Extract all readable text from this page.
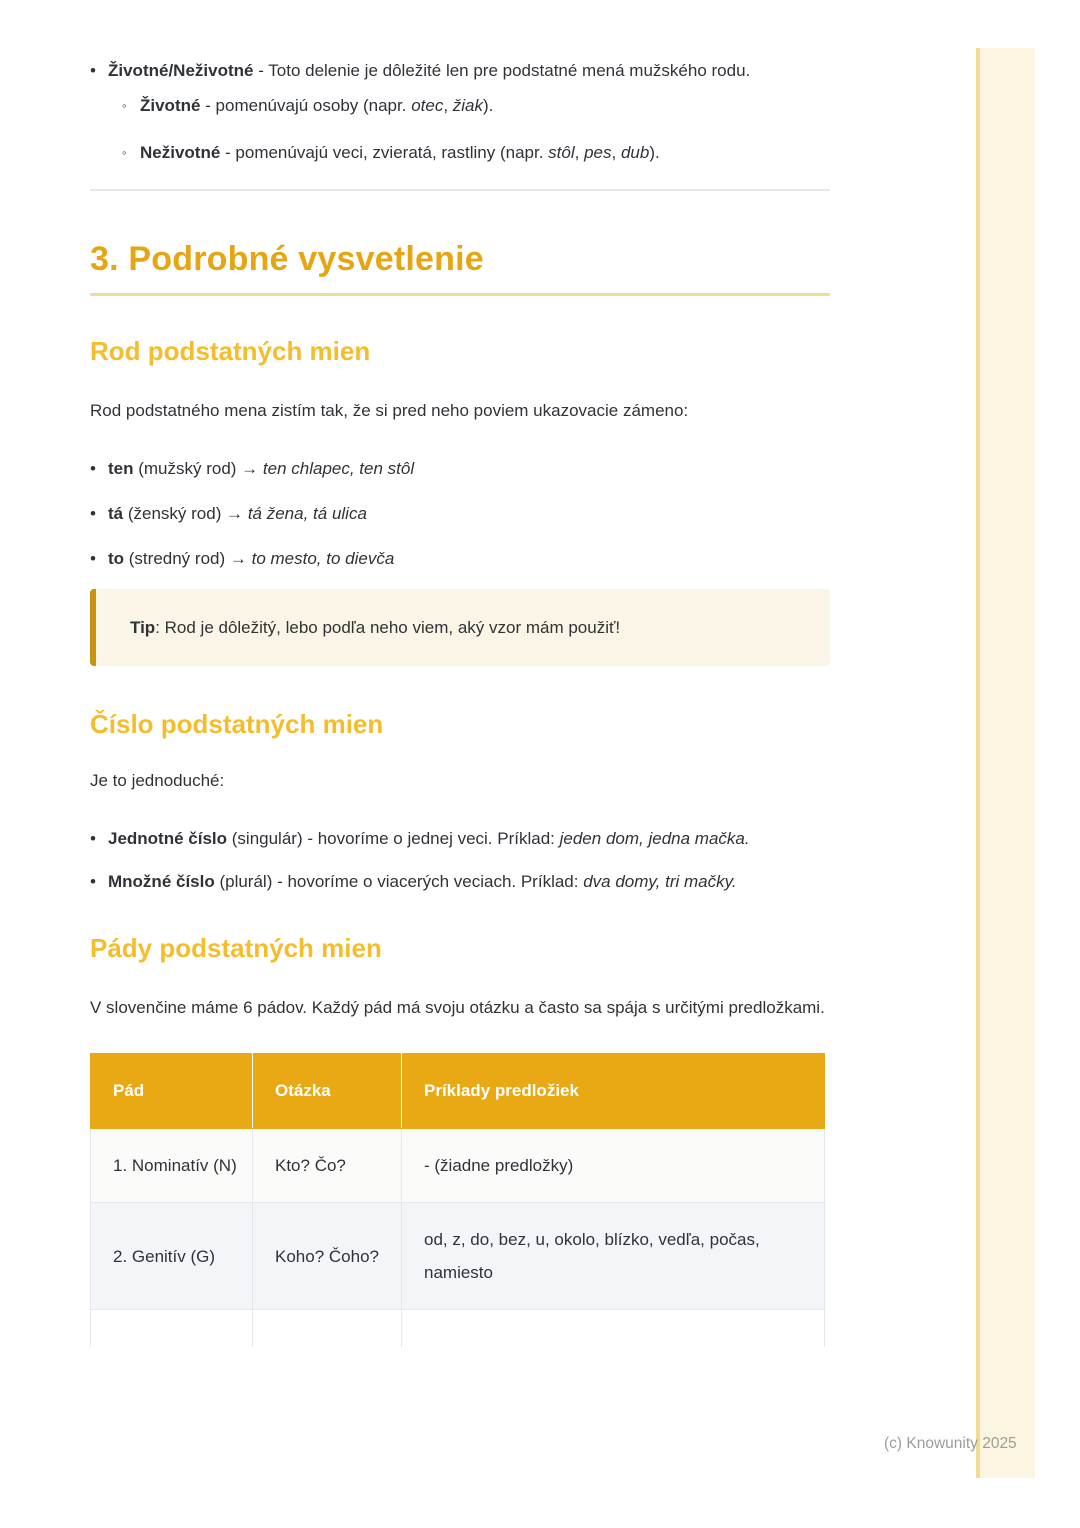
(c) Knowunity 2025
• Životné/Neživotné - Toto delenie je dôležité len pre podstatné mená mužského rodu.
◦ Životné - pomenúvajú osoby (napr. otec, žiak).
◦ Neživotné - pomenúvajú veci, zvieratá, rastliny (napr. stôl, pes, dub).
3. Podrobné vysvetlenie
Rod podstatných mien

Rod podstatného mena zistím tak, že si pred neho poviem ukazovacie zámeno:

• ten (mužský rod) → ten chlapec, ten stôl
• tá (ženský rod) → tá žena, tá ulica
• to (stredný rod) → to mesto, to dievča
Tip: Rod je dôležitý, lebo podľa neho viem, aký vzor mám použiť!
Číslo podstatných mien

Je to jednoduché:

• Jednotné číslo (singulár) - hovoríme o jednej veci. Príklad: jeden dom, jedna mačka.
• Množné číslo (plurál) - hovoríme o viacerých veciach. Príklad: dva domy, tri mačky.
Pády podstatných mien

V slovenčine máme 6 pádov. Každý pád má svoju otázku a často sa spája s určitými predložkami.

Pád	Otázka	Príklady predložiek
1. Nominatív (N)	Kto? Čo?	- (žiadne predložky)
2. Genitív (G)	Koho? Čoho?	od, z, do, bez, u, okolo, blízko, vedľa, počas, namiesto
